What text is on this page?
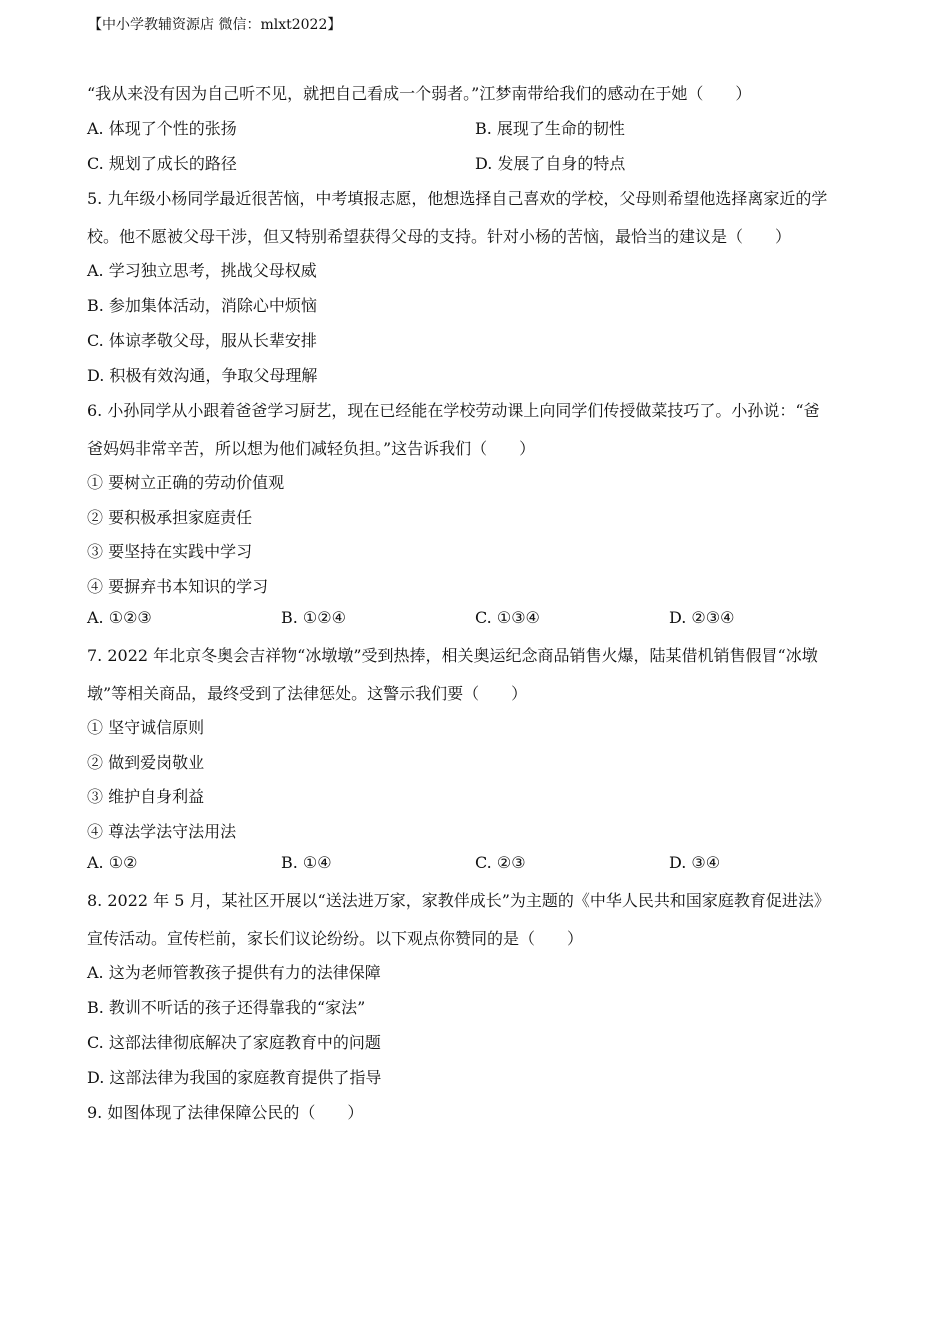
【中小学教辅资源店 微信：mlxt2022】
“我从来没有因为自己听不见，就把自己看成一个弱者。”江梦南带给我们的感动在于她（　　）
A. 体现了个性的张扬	B. 展现了生命的韧性
C. 规划了成长的路径	D. 发展了自身的特点
5. 九年级小杨同学最近很苦恼，中考填报志愿，他想选择自己喜欢的学校，父母则希望他选择离家近的学
校。他不愿被父母干涉，但又特别希望获得父母的支持。针对小杨的苦恼，最恰当的建议是（　　）
A. 学习独立思考，挑战父母权威
B. 参加集体活动，消除心中烦恼
C. 体谅孝敬父母，服从长辈安排
D. 积极有效沟通，争取父母理解
6. 小孙同学从小跟着爸爸学习厨艺，现在已经能在学校劳动课上向同学们传授做菜技巧了。小孙说：“爸
爸妈妈非常辛苦，所以想为他们减轻负担。”这告诉我们（　　）
① 要树立正确的劳动价值观
② 要积极承担家庭责任
③ 要坚持在实践中学习
④ 要摒弃书本知识的学习
A. ①②③	B. ①②④	C. ①③④	D. ②③④
7. 2022 年北京冬奥会吉祥物“冰墩墩”受到热捧，相关奥运纪念商品销售火爆，陆某借机销售假冒“冰墩
墩”等相关商品，最终受到了法律惩处。这警示我们要（　　）
① 坚守诚信原则
② 做到爱岗敬业
③ 维护自身利益
④ 尊法学法守法用法
A. ①②	B. ①④	C. ②③	D. ③④
8. 2022 年 5 月，某社区开展以“送法进万家，家教伴成长”为主题的《中华人民共和国家庭教育促进法》
宣传活动。宣传栏前，家长们议论纷纷。以下观点你赞同的是（　　）
A. 这为老师管教孩子提供有力的法律保障
B. 教训不听话的孩子还得靠我的“家法”
C. 这部法律彻底解决了家庭教育中的问题
D. 这部法律为我国的家庭教育提供了指导
9. 如图体现了法律保障公民的（　　）
